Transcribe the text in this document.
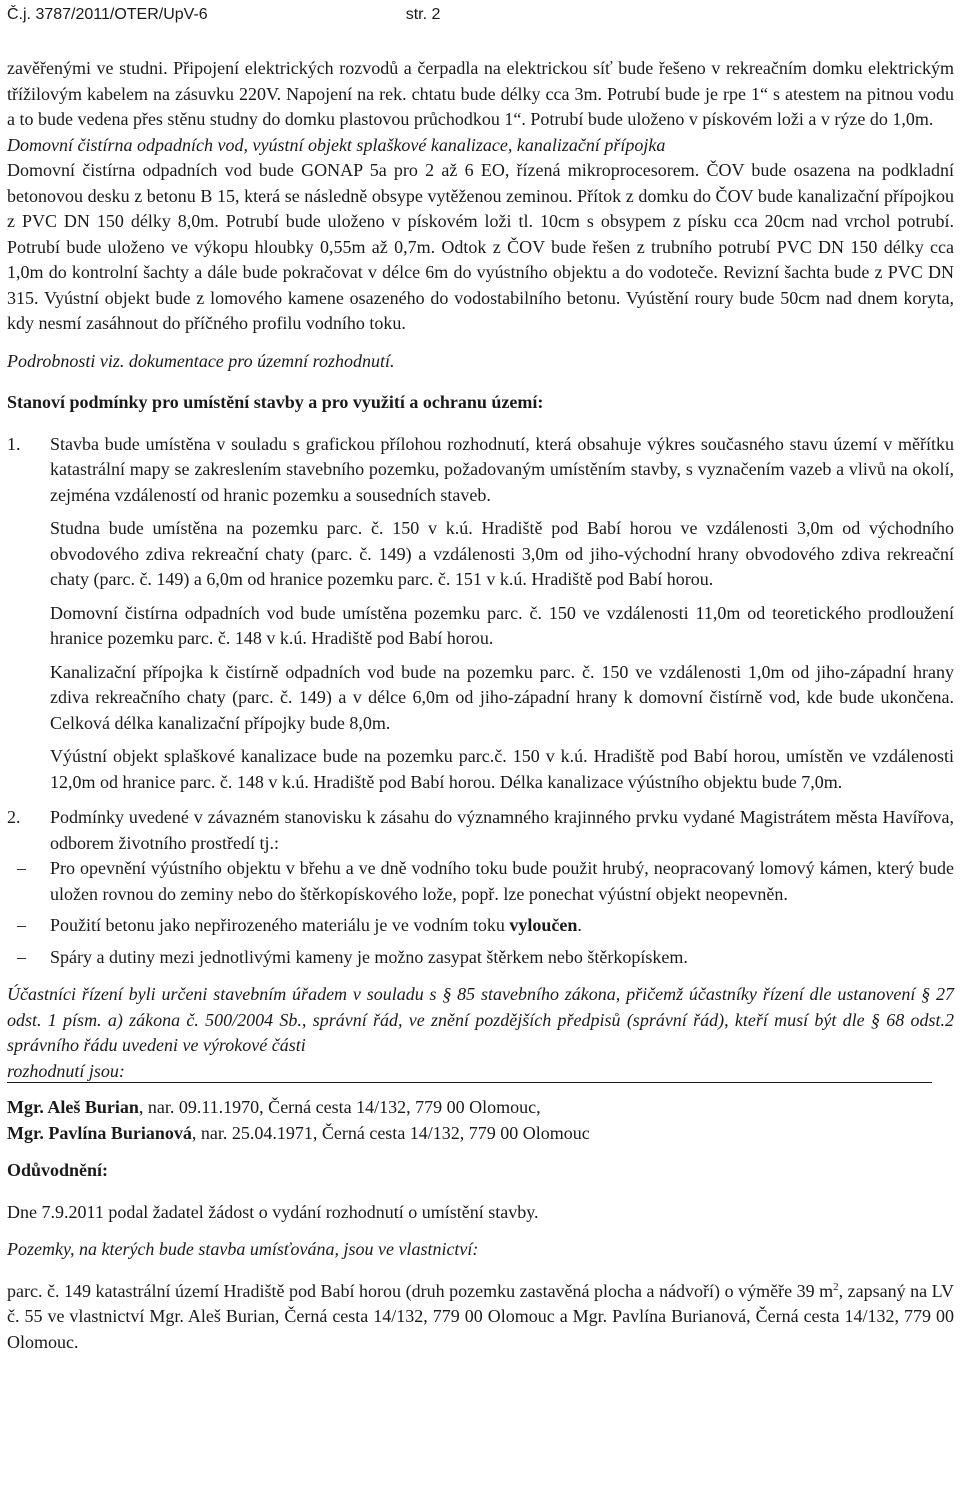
Č.j. 3787/2011/OTER/UpV-6	str. 2

zavěřenými ve studni. Připojení elektrických rozvodů a čerpadla na elektrickou síť bude řešeno v rekreačním domku elektrickým třížilovým kabelem na zásuvku 220V. Napojení na rek. chtatu bude délky cca 3m. Potrubí bude je rpe 1“ s atestem na pitnou vodu a to bude vedena přes stěnu studny do domku plastovou průchodkou 1“. Potrubí bude uloženo v pískovém loži a v rýze do 1,0m.

Domovní čistírna odpadních vod, vyústní objekt splaškové kanalizace, kanalizační přípojka

Domovní čistírna odpadních vod bude GONAP 5a pro 2 až 6 EO, řízená mikroprocesorem. ČOV bude osazena na podkladní betonovou desku z betonu B 15, která se následně obsype vytěženou zeminou. Přítok z domku do ČOV bude kanalizační přípojkou z PVC DN 150 délky 8,0m. Potrubí bude uloženo v pískovém loži tl. 10cm s obsypem z písku cca 20cm nad vrchol potrubí. Potrubí bude uloženo ve výkopu hloubky 0,55m až 0,7m. Odtok z ČOV bude řešen z trubního potrubí PVC DN 150 délky cca 1,0m do kontrolní šachty a dále bude pokračovat v délce 6m do vyústního objektu a do vodoteče. Revizní šachta bude z PVC DN 315. Vyústní objekt bude z lomového kamene osazeného do vodostabilního betonu. Vyústění roury bude 50cm nad dnem koryta, kdy nesmí zasáhnout do příčného profilu vodního toku.

Podrobnosti viz. dokumentace pro územní rozhodnutí.

Stanoví podmínky pro umístění stavby a pro využití a ochranu území:

1.	Stavba bude umístěna v souladu s grafickou přílohou rozhodnutí, která obsahuje výkres současného stavu území v měřítku katastrální mapy se zakreslením stavebního pozemku, požadovaným umístěním stavby, s vyznačením vazeb a vlivů na okolí, zejména vzdáleností od hranic pozemku a sousedních staveb.

Studna bude umístěna na pozemku parc. č. 150 v k.ú. Hradiště pod Babí horou ve vzdálenosti 3,0m od východního obvodového zdiva rekreační chaty (parc. č. 149) a vzdálenosti 3,0m od jiho-východní hrany obvodového zdiva rekreační chaty (parc. č. 149) a 6,0m od hranice pozemku parc. č. 151 v k.ú. Hradiště pod Babí horou.

Domovní čistírna odpadních vod bude umístěna pozemku parc. č. 150 ve vzdálenosti 11,0m od teoretického prodloužení hranice pozemku parc. č. 148 v k.ú. Hradiště pod Babí horou.

Kanalizační přípojka k čistírně odpadních vod bude na pozemku parc. č. 150 ve vzdálenosti 1,0m od jiho-západní hrany zdiva rekreačního chaty (parc. č. 149) a v délce 6,0m od jiho-západní hrany k domovní čistírně vod, kde bude ukončena. Celková délka kanalizační přípojky bude 8,0m.

Výústní objekt splaškové kanalizace bude na pozemku parc.č. 150 v k.ú. Hradiště pod Babí horou, umístěn ve vzdálenosti 12,0m od hranice parc. č. 148 v k.ú. Hradiště pod Babí horou. Délka kanalizace výústního objektu bude 7,0m.

2.	Podmínky uvedené v závazném stanovisku k zásahu do významného krajinného prvku vydané Magistrátem města Havířova, odborem životního prostředí tj.:

–	Pro opevnění výústního objektu v břehu a ve dně vodního toku bude použit hrubý, neopracovaný lomový kámen, který bude uložen rovnou do zeminy nebo do štěrkopískového lože, popř. lze ponechat výústní objekt neopevněn.

–	Použití betonu jako nepřirozeného materiálu je ve vodním toku vyloučen.

–	Spáry a dutiny mezi jednotlivými kameny je možno zasypat štěrkem nebo štěrkopískem.

Účastníci řízení byli určeni stavebním úřadem v souladu s § 85 stavebního zákona, přičemž účastníky řízení dle ustanovení § 27 odst. 1 písm. a) zákona č. 500/2004 Sb., správní řád, ve znění pozdějších předpisů (správní řád), kteří musí být dle § 68 odst.2 správního řádu uvedeni ve výrokové části

rozhodnutí jsou:

Mgr. Aleš Burian, nar. 09.11.1970, Černá cesta 14/132, 779 00 Olomouc,

Mgr. Pavlína Burianová, nar. 25.04.1971, Černá cesta 14/132, 779 00 Olomouc

Odůvodnění:

Dne 7.9.2011 podal žadatel žádost o vydání rozhodnutí o umístění stavby.

Pozemky, na kterých bude stavba umísťována, jsou ve vlastnictví:

parc. č. 149 katastrální území Hradiště pod Babí horou (druh pozemku zastavěná plocha a nádvoří) o výměře 39 $m^2$, zapsaný na LV č. 55 ve vlastnictví Mgr. Aleš Burian, Černá cesta 14/132, 779 00 Olomouc a Mgr. Pavlína Burianová, Černá cesta 14/132, 779 00 Olomouc.
